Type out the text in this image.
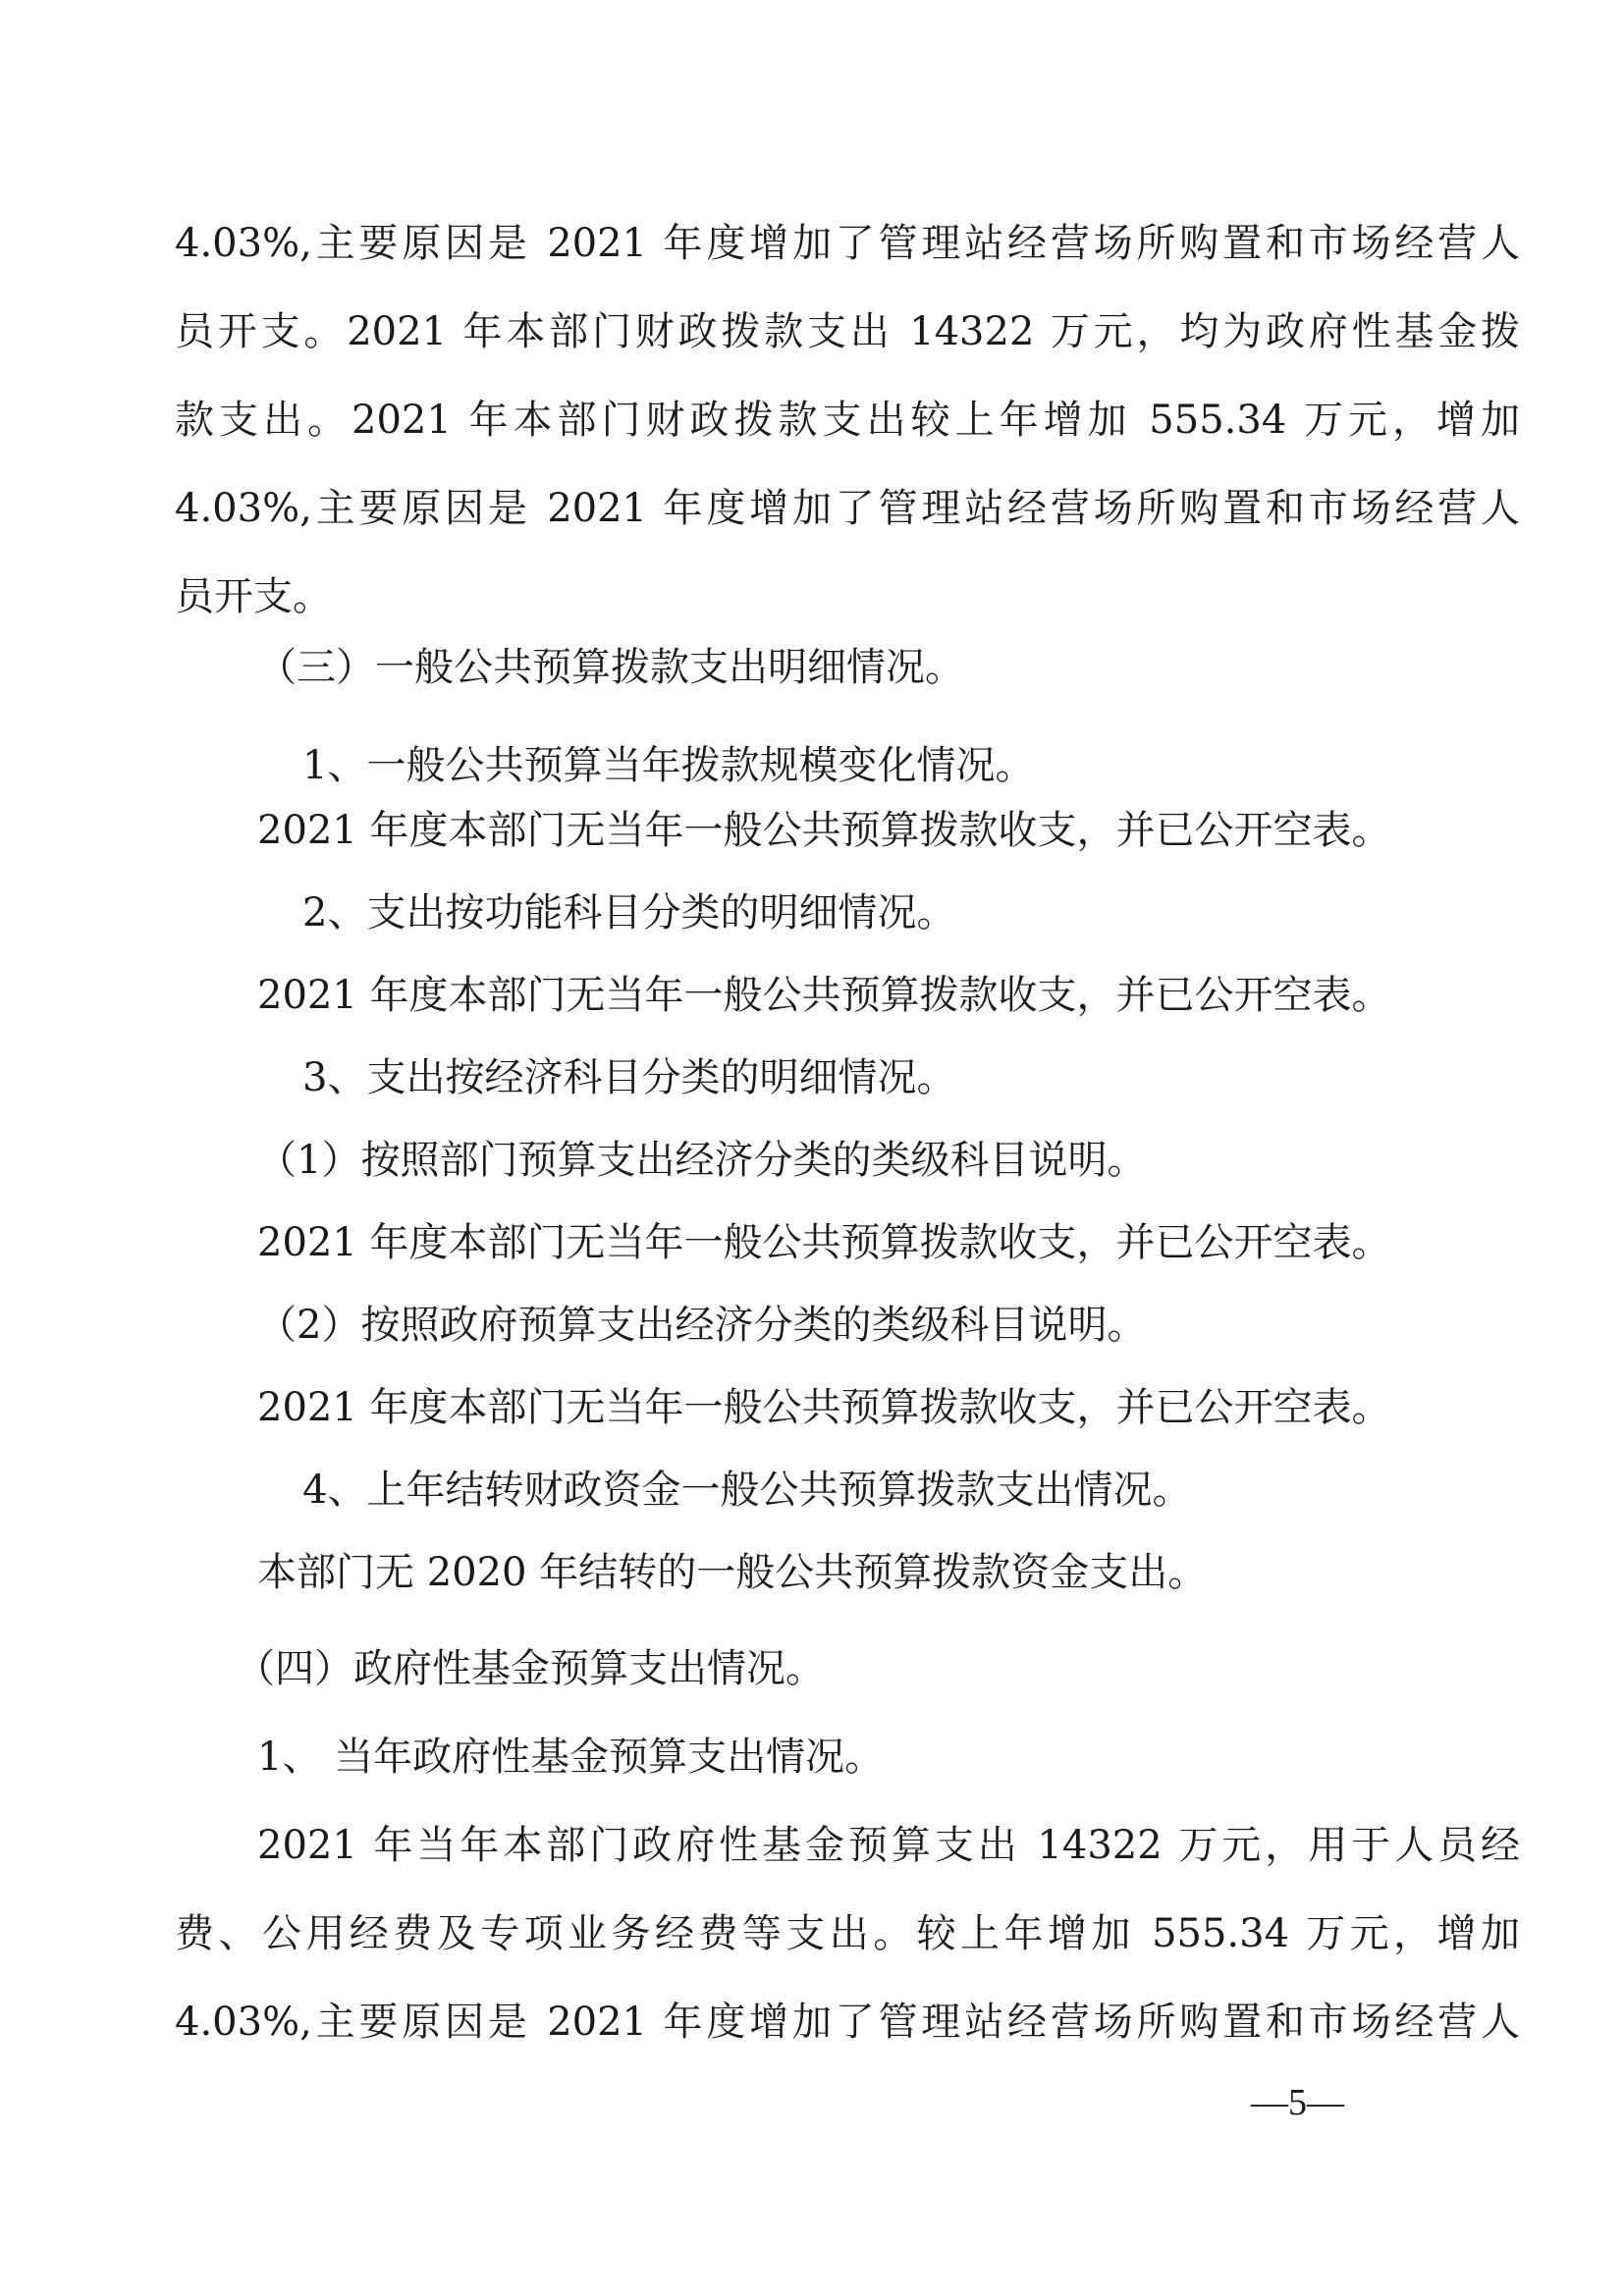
4.03%,主要原因是 2021 年度增加了管理站经营场所购置和市场经营人
员开支。2021 年本部门财政拨款支出 14322 万元，均为政府性基金拨
款支出。2021 年本部门财政拨款支出较上年增加 555.34 万元，增加
4.03%,主要原因是 2021 年度增加了管理站经营场所购置和市场经营人
员开支。
（三）一般公共预算拨款支出明细情况。
1、一般公共预算当年拨款规模变化情况。
2021 年度本部门无当年一般公共预算拨款收支，并已公开空表。
2、支出按功能科目分类的明细情况。
2021 年度本部门无当年一般公共预算拨款收支，并已公开空表。
3、支出按经济科目分类的明细情况。
（1）按照部门预算支出经济分类的类级科目说明。
2021 年度本部门无当年一般公共预算拨款收支，并已公开空表。
（2）按照政府预算支出经济分类的类级科目说明。
2021 年度本部门无当年一般公共预算拨款收支，并已公开空表。
4、上年结转财政资金一般公共预算拨款支出情况。
本部门无 2020 年结转的一般公共预算拨款资金支出。
（四）政府性基金预算支出情况。
1、 当年政府性基金预算支出情况。
2021 年当年本部门政府性基金预算支出 14322 万元，用于人员经
费、公用经费及专项业务经费等支出。较上年增加 555.34 万元，增加
4.03%,主要原因是 2021 年度增加了管理站经营场所购置和市场经营人
—5—
